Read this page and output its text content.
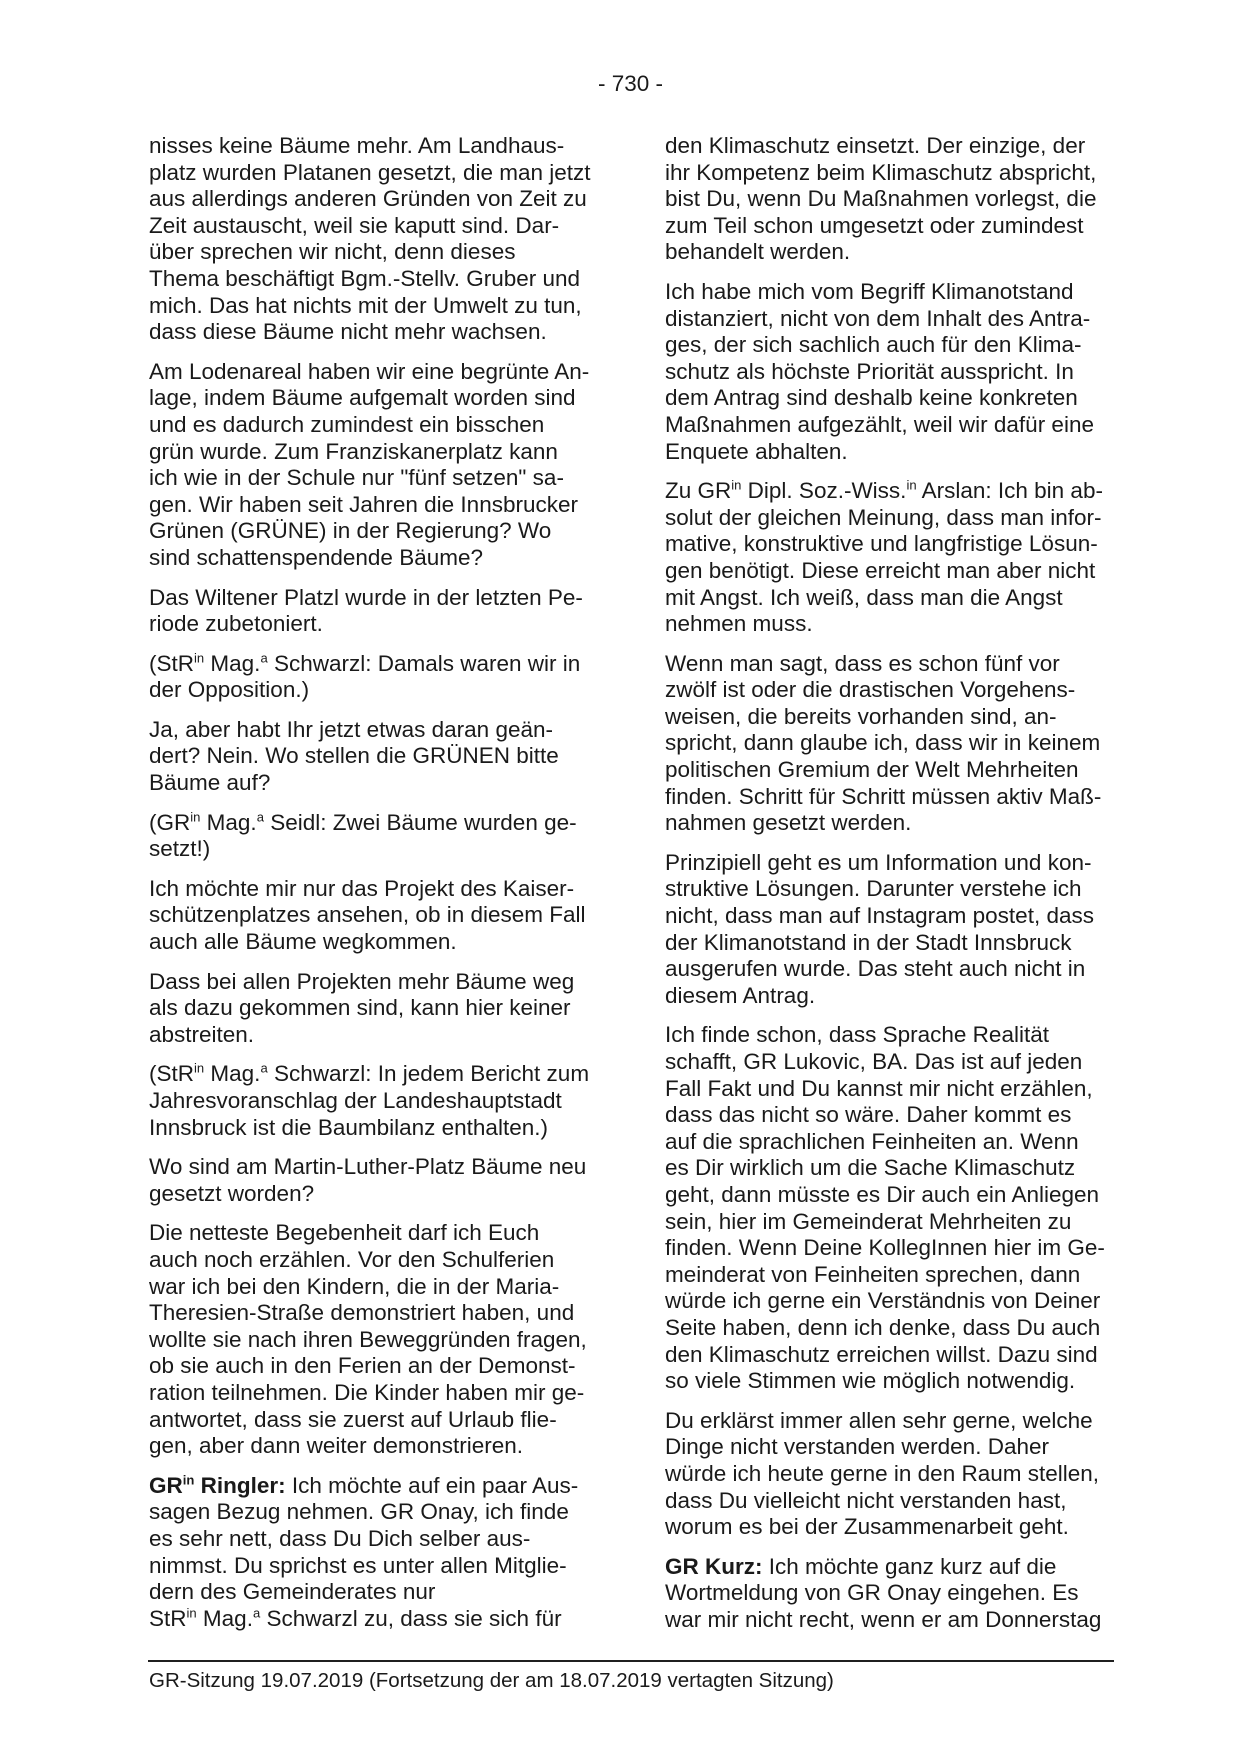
- 730 -

nisses keine Bäume mehr. Am Landhaus-
platz wurden Platanen gesetzt, die man jetzt
aus allerdings anderen Gründen von Zeit zu
Zeit austauscht, weil sie kaputt sind. Dar-
über sprechen wir nicht, denn dieses
Thema beschäftigt Bgm.-Stellv. Gruber und
mich. Das hat nichts mit der Umwelt zu tun,
dass diese Bäume nicht mehr wachsen.

Am Lodenareal haben wir eine begrünte An-
lage, indem Bäume aufgemalt worden sind
und es dadurch zumindest ein bisschen
grün wurde. Zum Franziskanerplatz kann
ich wie in der Schule nur "fünf setzen" sa-
gen. Wir haben seit Jahren die Innsbrucker
Grünen (GRÜNE) in der Regierung? Wo
sind schattenspendende Bäume?

Das Wiltener Platzl wurde in der letzten Pe-
riode zubetoniert.

(StR$^{in}$ Mag.$^a$ Schwarzl: Damals waren wir in
der Opposition.)

Ja, aber habt Ihr jetzt etwas daran geän-
dert? Nein. Wo stellen die GRÜNEN bitte
Bäume auf?

($GR^{in}$ Mag.$^a$ Seidl: Zwei Bäume wurden ge-
setzt!)

Ich möchte mir nur das Projekt des Kaiser-
schützenplatzes ansehen, ob in diesem Fall
auch alle Bäume wegkommen.

Dass bei allen Projekten mehr Bäume weg
als dazu gekommen sind, kann hier keiner
abstreiten.

(StR$^{in}$ Mag.$^a$ Schwarzl: In jedem Bericht zum
Jahresvoranschlag der Landeshauptstadt
Innsbruck ist die Baumbilanz enthalten.)

Wo sind am Martin-Luther-Platz Bäume neu
gesetzt worden?

Die netteste Begebenheit darf ich Euch
auch noch erzählen. Vor den Schulferien
war ich bei den Kindern, die in der Maria-
Theresien-Straße demonstriert haben, und
wollte sie nach ihren Beweggründen fragen,
ob sie auch in den Ferien an der Demonst-
ration teilnehmen. Die Kinder haben mir ge-
antwortet, dass sie zuerst auf Urlaub flie-
gen, aber dann weiter demonstrieren.

$GR^{in}$ Ringler: Ich möchte auf ein paar Aus-
sagen Bezug nehmen. GR Onay, ich finde
es sehr nett, dass Du Dich selber aus-
nimmst. Du sprichst es unter allen Mitglie-
dern des Gemeinderates nur
StR$^{in}$ Mag.$^a$ Schwarzl zu, dass sie sich für

den Klimaschutz einsetzt. Der einzige, der
ihr Kompetenz beim Klimaschutz abspricht,
bist Du, wenn Du Maßnahmen vorlegst, die
zum Teil schon umgesetzt oder zumindest
behandelt werden.

Ich habe mich vom Begriff Klimanotstand
distanziert, nicht von dem Inhalt des Antra-
ges, der sich sachlich auch für den Klima-
schutz als höchste Priorität ausspricht. In
dem Antrag sind deshalb keine konkreten
Maßnahmen aufgezählt, weil wir dafür eine
Enquete abhalten.

Zu $GR^{in}$ Dipl. Soz.-Wiss.$^{in}$ Arslan: Ich bin ab-
solut der gleichen Meinung, dass man infor-
mative, konstruktive und langfristige Lösun-
gen benötigt. Diese erreicht man aber nicht
mit Angst. Ich weiß, dass man die Angst
nehmen muss.

Wenn man sagt, dass es schon fünf vor
zwölf ist oder die drastischen Vorgehens-
weisen, die bereits vorhanden sind, an-
spricht, dann glaube ich, dass wir in keinem
politischen Gremium der Welt Mehrheiten
finden. Schritt für Schritt müssen aktiv Maß-
nahmen gesetzt werden.

Prinzipiell geht es um Information und kon-
struktive Lösungen. Darunter verstehe ich
nicht, dass man auf Instagram postet, dass
der Klimanotstand in der Stadt Innsbruck
ausgerufen wurde. Das steht auch nicht in
diesem Antrag.

Ich finde schon, dass Sprache Realität
schafft, GR Lukovic, BA. Das ist auf jeden
Fall Fakt und Du kannst mir nicht erzählen,
dass das nicht so wäre. Daher kommt es
auf die sprachlichen Feinheiten an. Wenn
es Dir wirklich um die Sache Klimaschutz
geht, dann müsste es Dir auch ein Anliegen
sein, hier im Gemeinderat Mehrheiten zu
finden. Wenn Deine KollegInnen hier im Ge-
meinderat von Feinheiten sprechen, dann
würde ich gerne ein Verständnis von Deiner
Seite haben, denn ich denke, dass Du auch
den Klimaschutz erreichen willst. Dazu sind
so viele Stimmen wie möglich notwendig.

Du erklärst immer allen sehr gerne, welche
Dinge nicht verstanden werden. Daher
würde ich heute gerne in den Raum stellen,
dass Du vielleicht nicht verstanden hast,
worum es bei der Zusammenarbeit geht.

GR Kurz: Ich möchte ganz kurz auf die
Wortmeldung von GR Onay eingehen. Es
war mir nicht recht, wenn er am Donnerstag

GR-Sitzung 19.07.2019 (Fortsetzung der am 18.07.2019 vertagten Sitzung)
